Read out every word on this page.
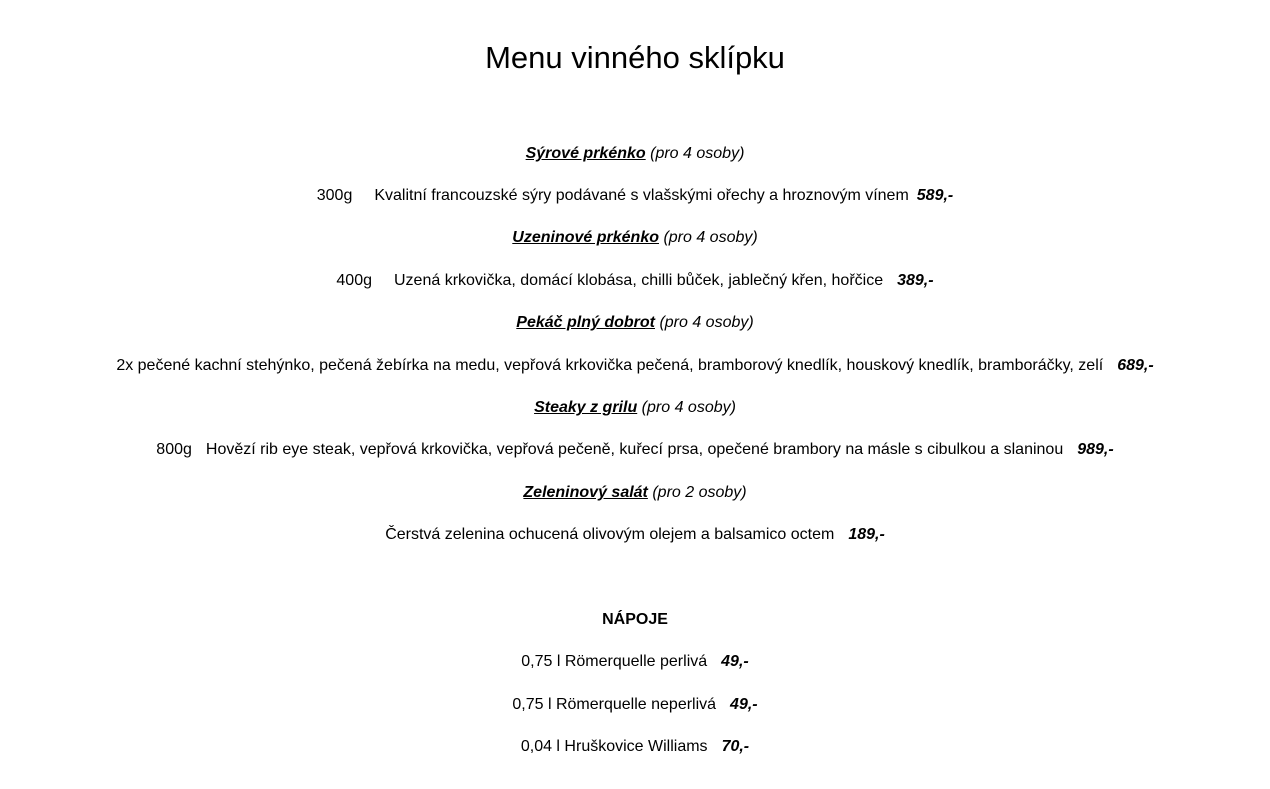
Menu vinného sklípku
Sýrové prkénko (pro 4 osoby)
300g Kvalitní francouzské sýry podávané s vlašskými ořechy a hroznovým vínem 589,-
Uzeninové prkénko (pro 4 osoby)
400g Uzená krkovička, domácí klobása, chilli bůček, jablečný křen, hořčice 389,-
Pekáč plný dobrot (pro 4 osoby)
2x pečené kachní stehýnko, pečená žebírka na medu, vepřová krkovička pečená, bramborový knedlík, houskový knedlík, bramboráčky, zelí 689,-
Steaky z grilu (pro 4 osoby)
800g Hovězí rib eye steak, vepřová krkovička, vepřová pečeně, kuřecí prsa, opečené brambory na másle s cibulkou a slaninou 989,-
Zeleninový salát (pro 2 osoby)
Čerstvá zelenina ochucená olivovým olejem a balsamico octem 189,-
NÁPOJE
0,75 l Römerquelle perlivá 49,-
0,75 l Römerquelle neperlivá 49,-
0,04 l Hruškovice Williams 70,-
